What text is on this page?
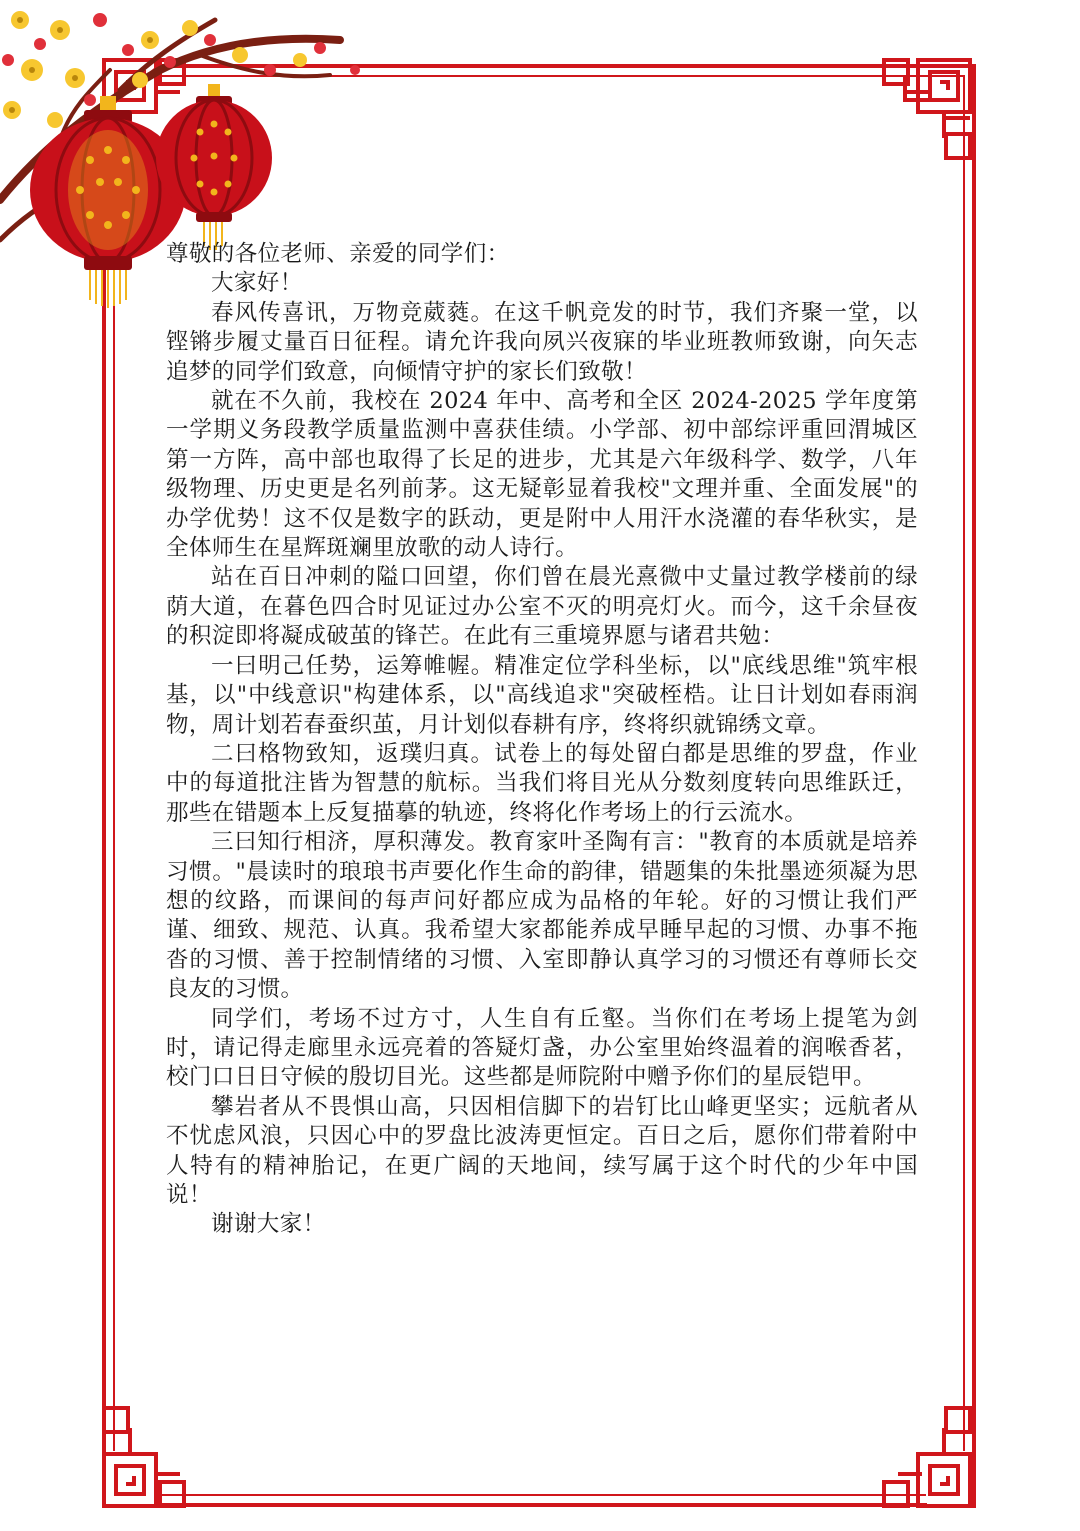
尊敬的各位老师、亲爱的同学们：

大家好！

春风传喜讯，万物竞葳蕤。在这千帆竞发的时节，我们齐聚一堂，以铿锵步履丈量百日征程。请允许我向夙兴夜寐的毕业班教师致谢，向矢志追梦的同学们致意，向倾情守护的家长们致敬！

就在不久前，我校在 2024 年中、高考和全区 2024-2025 学年度第一学期义务段教学质量监测中喜获佳绩。小学部、初中部综评重回渭城区第一方阵，高中部也取得了长足的进步，尤其是六年级科学、数学，八年级物理、历史更是名列前茅。这无疑彰显着我校"文理并重、全面发展"的办学优势！这不仅是数字的跃动，更是附中人用汗水浇灌的春华秋实，是全体师生在星辉斑斓里放歌的动人诗行。

站在百日冲刺的隘口回望，你们曾在晨光熹微中丈量过教学楼前的绿荫大道，在暮色四合时见证过办公室不灭的明亮灯火。而今，这千余昼夜的积淀即将凝成破茧的锋芒。在此有三重境界愿与诸君共勉：

一曰明己任势，运筹帷幄。精准定位学科坐标，以"底线思维"筑牢根基，以"中线意识"构建体系，以"高线追求"突破桎梏。让日计划如春雨润物，周计划若春蚕织茧，月计划似春耕有序，终将织就锦绣文章。

二曰格物致知，返璞归真。试卷上的每处留白都是思维的罗盘，作业中的每道批注皆为智慧的航标。当我们将目光从分数刻度转向思维跃迁，那些在错题本上反复描摹的轨迹，终将化作考场上的行云流水。

三曰知行相济，厚积薄发。教育家叶圣陶有言："教育的本质就是培养习惯。"晨读时的琅琅书声要化作生命的韵律，错题集的朱批墨迹须凝为思想的纹路，而课间的每声问好都应成为品格的年轮。好的习惯让我们严谨、细致、规范、认真。我希望大家都能养成早睡早起的习惯、办事不拖沓的习惯、善于控制情绪的习惯、入室即静认真学习的习惯还有尊师长交良友的习惯。

同学们，考场不过方寸，人生自有丘壑。当你们在考场上提笔为剑时，请记得走廊里永远亮着的答疑灯盏，办公室里始终温着的润喉香茗，校门口日日守候的殷切目光。这些都是师院附中赠予你们的星辰铠甲。

攀岩者从不畏惧山高，只因相信脚下的岩钉比山峰更坚实；远航者从不忧虑风浪，只因心中的罗盘比波涛更恒定。百日之后，愿你们带着附中人特有的精神胎记，在更广阔的天地间，续写属于这个时代的少年中国说！

谢谢大家！
